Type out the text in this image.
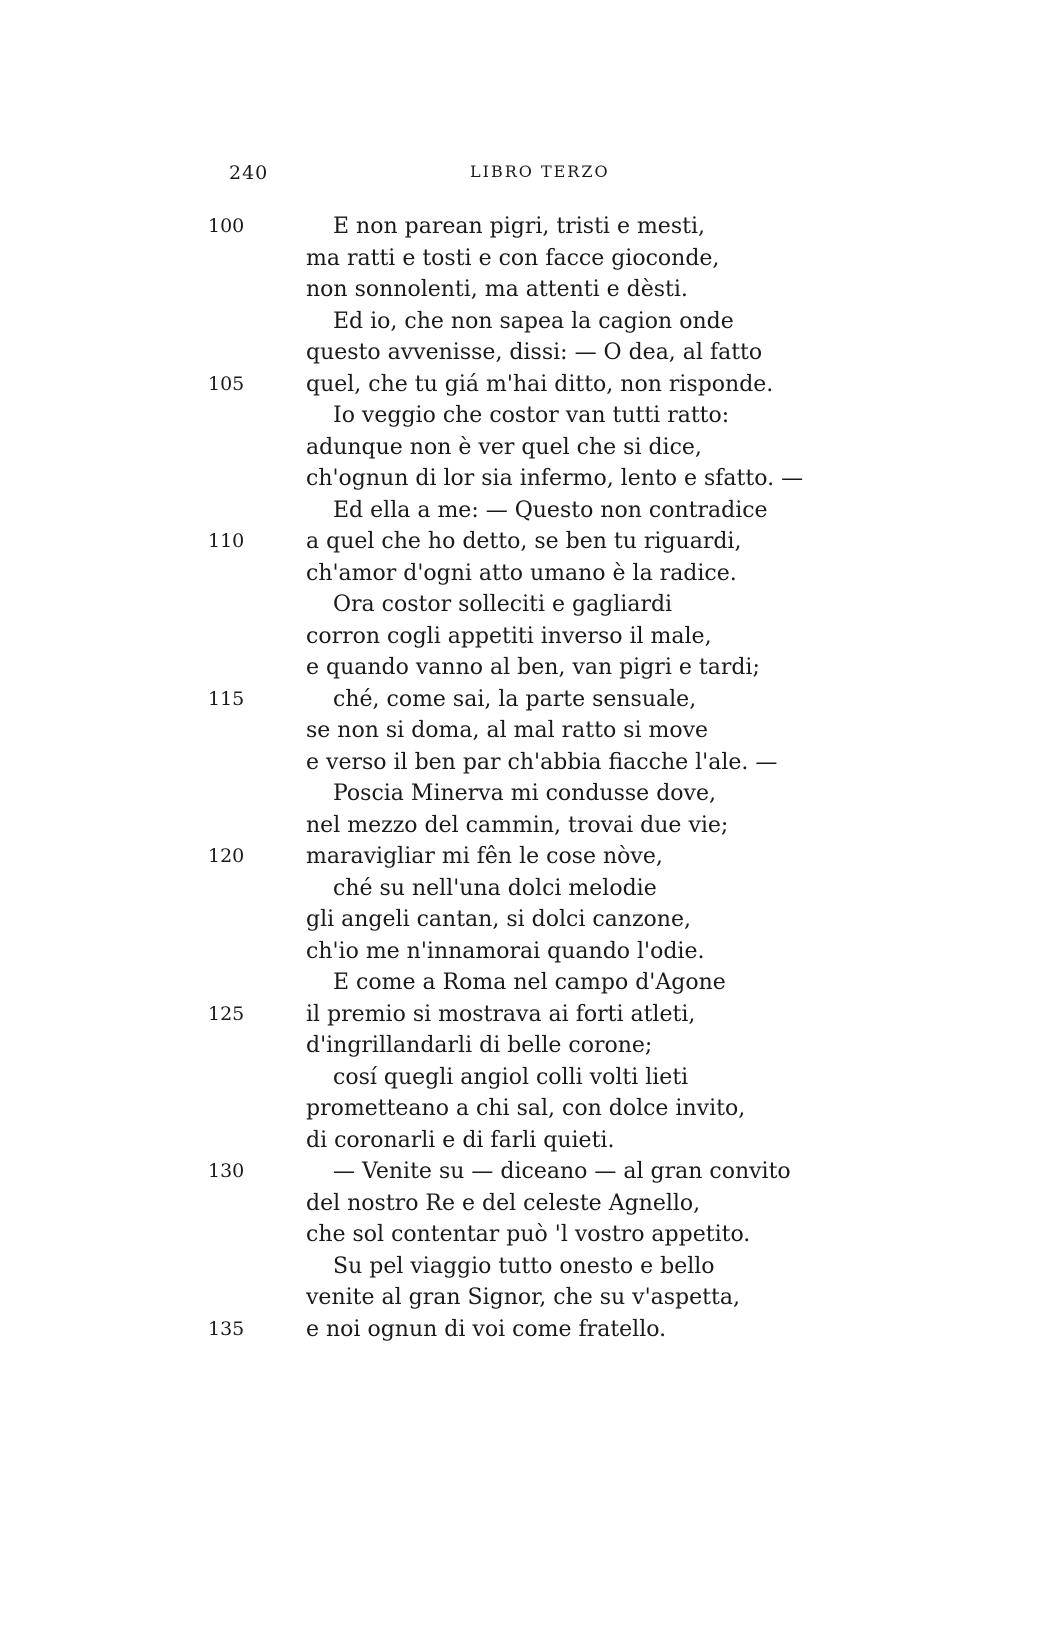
240	LIBRO TERZO
100	E non parean pigri, tristi e mesti,
ma ratti e tosti e con facce gioconde,
non sonnolenti, ma attenti e dèsti.
Ed io, che non sapea la cagion onde
questo avvenisse, dissi: — O dea, al fatto
105	quel, che tu giá m'hai ditto, non risponde.
Io veggio che costor van tutti ratto:
adunque non è ver quel che si dice,
ch'ognun di lor sia infermo, lento e sfatto. —
Ed ella a me: — Questo non contradice
110	a quel che ho detto, se ben tu riguardi,
ch'amor d'ogni atto umano è la radice.
Ora costor solleciti e gagliardi
corron cogli appetiti inverso il male,
e quando vanno al ben, van pigri e tardi;
115	ché, come sai, la parte sensuale,
se non si doma, al mal ratto si move
e verso il ben par ch'abbia fiacche l'ale. —
Poscia Minerva mi condusse dove,
nel mezzo del cammin, trovai due vie;
120	maravigliar mi fên le cose nòve,
ché su nell'una dolci melodie
gli angeli cantan, si dolci canzone,
ch'io me n'innamorai quando l'odie.
E come a Roma nel campo d'Agone
125	il premio si mostrava ai forti atleti,
d'ingrillandarli di belle corone;
cosí quegli angiol colli volti lieti
prometteano a chi sal, con dolce invito,
di coronarli e di farli quieti.
130	— Venite su — diceano — al gran convito
del nostro Re e del celeste Agnello,
che sol contentar può 'l vostro appetito.
Su pel viaggio tutto onesto e bello
venite al gran Signor, che su v'aspetta,
135	e noi ognun di voi come fratello.
